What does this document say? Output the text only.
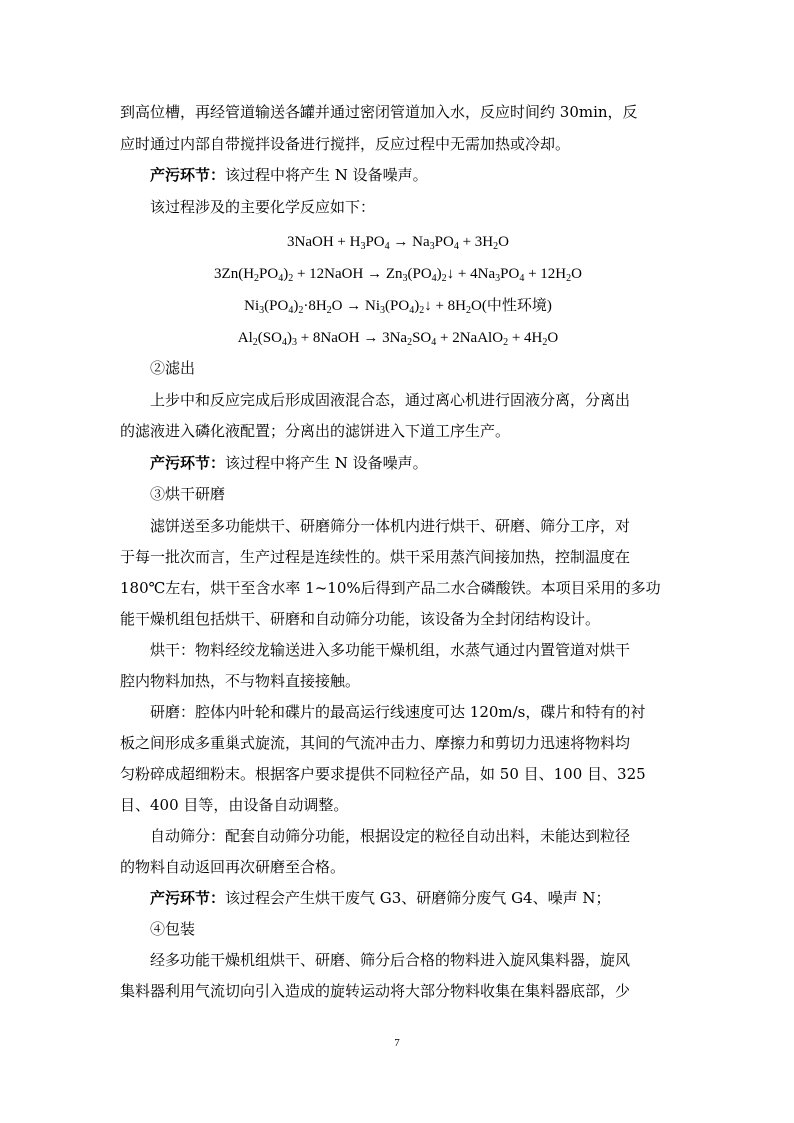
到高位槽，再经管道输送各罐并通过密闭管道加入水，反应时间约 30min，反

应时通过内部自带搅拌设备进行搅拌，反应过程中无需加热或冷却。

产污环节：该过程中将产生 N 设备噪声。

该过程涉及的主要化学反应如下：

3NaOH + $H_3PO_4 \to Na_3PO_4 + 3H_2O$
$3Zn(H_2PO_4)_2$ + 12NaOH → $Zn_3(PO_4)_2↓ + 4Na_3PO_4 + 12H_2O$
$Ni_3(PO_4)_2\cdot 8H_2O$ → $Ni_3(PO_4)_2↓ + 8H_2O$(中性环境)
$Al_2(SO_4)_3$ + 8NaOH → $3Na_2SO_4$ + 2NaAlO$_2$ + $4H_2O$

②滤出

上步中和反应完成后形成固液混合态，通过离心机进行固液分离，分离出

的滤液进入磷化液配置；分离出的滤饼进入下道工序生产。

产污环节：该过程中将产生 N 设备噪声。

③烘干研磨

滤饼送至多功能烘干、研磨筛分一体机内进行烘干、研磨、筛分工序，对

于每一批次而言，生产过程是连续性的。烘干采用蒸汽间接加热，控制温度在

180℃左右，烘干至含水率 1~10%后得到产品二水合磷酸铁。本项目采用的多功

能干燥机组包括烘干、研磨和自动筛分功能，该设备为全封闭结构设计。

烘干：物料经绞龙输送进入多功能干燥机组，水蒸气通过内置管道对烘干

腔内物料加热，不与物料直接接触。

研磨：腔体内叶轮和碟片的最高运行线速度可达 120m/s，碟片和特有的衬

板之间形成多重巢式旋流，其间的气流冲击力、摩擦力和剪切力迅速将物料均

匀粉碎成超细粉末。根据客户要求提供不同粒径产品，如 50 目、100 目、325

目、400 目等，由设备自动调整。

自动筛分：配套自动筛分功能，根据设定的粒径自动出料，未能达到粒径

的物料自动返回再次研磨至合格。

产污环节：该过程会产生烘干废气 G3、研磨筛分废气 G4、噪声 N；

④包装

经多功能干燥机组烘干、研磨、筛分后合格的物料进入旋风集料器，旋风

集料器利用气流切向引入造成的旋转运动将大部分物料收集在集料器底部，少

7
